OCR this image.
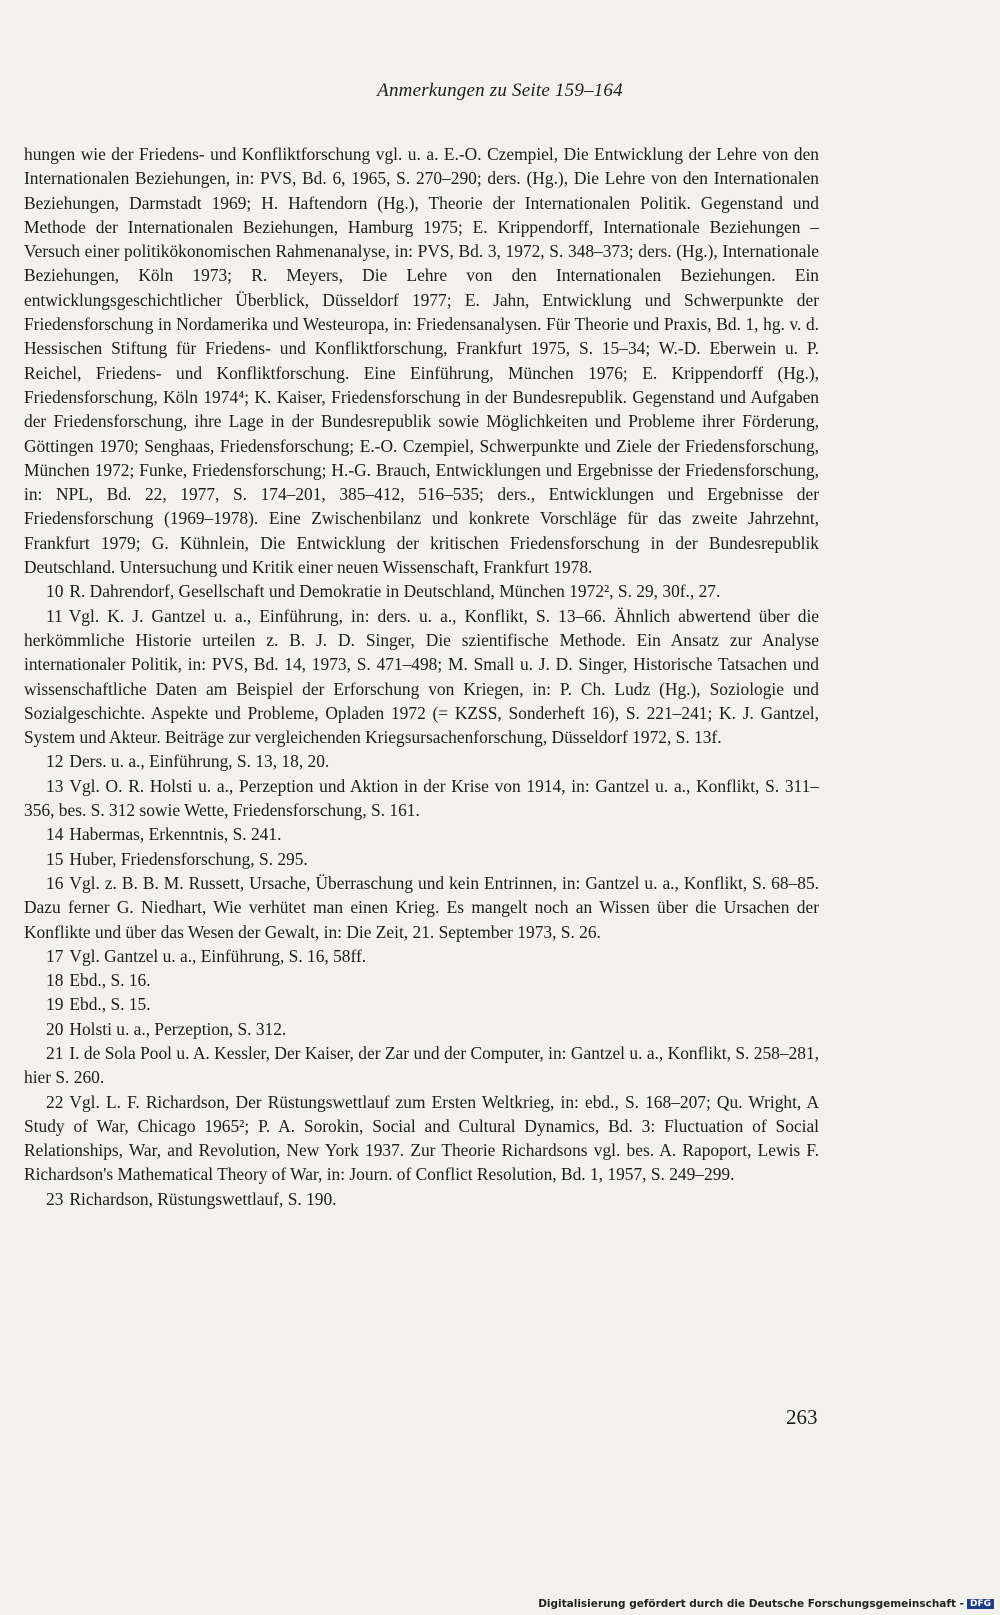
Anmerkungen zu Seite 159–164

hungen wie der Friedens- und Konfliktforschung vgl. u. a. E.-O. Czempiel, Die Entwicklung der Lehre von den Internationalen Beziehungen, in: PVS, Bd. 6, 1965, S. 270–290; ders. (Hg.), Die Lehre von den Internationalen Beziehungen, Darmstadt 1969; H. Haftendorn (Hg.), Theorie der Internationalen Politik. Gegenstand und Methode der Internationalen Beziehungen, Hamburg 1975; E. Krippendorff, Internationale Beziehungen – Versuch einer politikökonomischen Rahmenanalyse, in: PVS, Bd. 3, 1972, S. 348–373; ders. (Hg.), Internationale Beziehungen, Köln 1973; R. Meyers, Die Lehre von den Internationalen Beziehungen. Ein entwicklungsgeschichtlicher Überblick, Düsseldorf 1977; E. Jahn, Entwicklung und Schwerpunkte der Friedensforschung in Nordamerika und Westeuropa, in: Friedensanalysen. Für Theorie und Praxis, Bd. 1, hg. v. d. Hessischen Stiftung für Friedens- und Konfliktforschung, Frankfurt 1975, S. 15–34; W.-D. Eberwein u. P. Reichel, Friedens- und Konfliktforschung. Eine Einführung, München 1976; E. Krippendorff (Hg.), Friedensforschung, Köln 1974⁴; K. Kaiser, Friedensforschung in der Bundesrepublik. Gegenstand und Aufgaben der Friedensforschung, ihre Lage in der Bundesrepublik sowie Möglichkeiten und Probleme ihrer Förderung, Göttingen 1970; Senghaas, Friedensforschung; E.-O. Czempiel, Schwerpunkte und Ziele der Friedensforschung, München 1972; Funke, Friedensforschung; H.-G. Brauch, Entwicklungen und Ergebnisse der Friedensforschung, in: NPL, Bd. 22, 1977, S. 174–201, 385–412, 516–535; ders., Entwicklungen und Ergebnisse der Friedensforschung (1969–1978). Eine Zwischenbilanz und konkrete Vorschläge für das zweite Jahrzehnt, Frankfurt 1979; G. Kühnlein, Die Entwicklung der kritischen Friedensforschung in der Bundesrepublik Deutschland. Untersuchung und Kritik einer neuen Wissenschaft, Frankfurt 1978.

10 R. Dahrendorf, Gesellschaft und Demokratie in Deutschland, München 1972², S. 29, 30f., 27.

11 Vgl. K. J. Gantzel u. a., Einführung, in: ders. u. a., Konflikt, S. 13–66. Ähnlich abwertend über die herkömmliche Historie urteilen z. B. J. D. Singer, Die szientifische Methode. Ein Ansatz zur Analyse internationaler Politik, in: PVS, Bd. 14, 1973, S. 471–498; M. Small u. J. D. Singer, Historische Tatsachen und wissenschaftliche Daten am Beispiel der Erforschung von Kriegen, in: P. Ch. Ludz (Hg.), Soziologie und Sozialgeschichte. Aspekte und Probleme, Opladen 1972 (= KZSS, Sonderheft 16), S. 221–241; K. J. Gantzel, System und Akteur. Beiträge zur vergleichenden Kriegsursachenforschung, Düsseldorf 1972, S. 13f.

12 Ders. u. a., Einführung, S. 13, 18, 20.

13 Vgl. O. R. Holsti u. a., Perzeption und Aktion in der Krise von 1914, in: Gantzel u. a., Konflikt, S. 311–356, bes. S. 312 sowie Wette, Friedensforschung, S. 161.

14 Habermas, Erkenntnis, S. 241.

15 Huber, Friedensforschung, S. 295.

16 Vgl. z. B. B. M. Russett, Ursache, Überraschung und kein Entrinnen, in: Gantzel u. a., Konflikt, S. 68–85. Dazu ferner G. Niedhart, Wie verhütet man einen Krieg. Es mangelt noch an Wissen über die Ursachen der Konflikte und über das Wesen der Gewalt, in: Die Zeit, 21. September 1973, S. 26.

17 Vgl. Gantzel u. a., Einführung, S. 16, 58ff.

18 Ebd., S. 16.

19 Ebd., S. 15.

20 Holsti u. a., Perzeption, S. 312.

21 I. de Sola Pool u. A. Kessler, Der Kaiser, der Zar und der Computer, in: Gantzel u. a., Konflikt, S. 258–281, hier S. 260.

22 Vgl. L. F. Richardson, Der Rüstungswettlauf zum Ersten Weltkrieg, in: ebd., S. 168–207; Qu. Wright, A Study of War, Chicago 1965²; P. A. Sorokin, Social and Cultural Dynamics, Bd. 3: Fluctuation of Social Relationships, War, and Revolution, New York 1937. Zur Theorie Richardsons vgl. bes. A. Rapoport, Lewis F. Richardson's Mathematical Theory of War, in: Journ. of Conflict Resolution, Bd. 1, 1957, S. 249–299.

23 Richardson, Rüstungswettlauf, S. 190.

263
Digitalisierung gefördert durch die Deutsche Forschungsgemeinschaft - DFG
